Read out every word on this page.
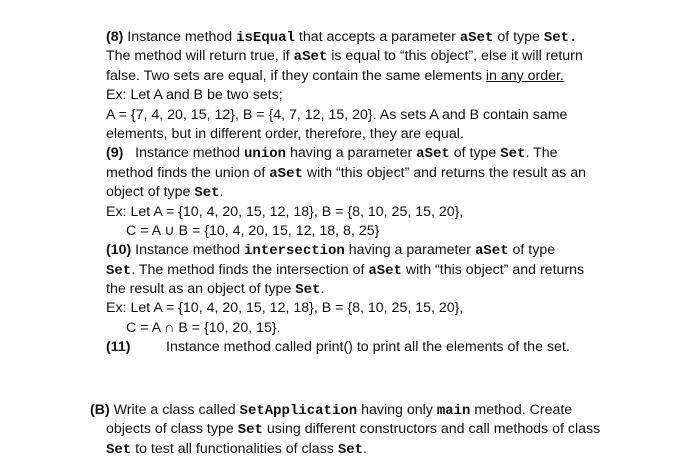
(8) Instance method isEqual that accepts a parameter aSet of type Set.
The method will return true, if aSet is equal to “this object”, else it will return
false. Two sets are equal, if they contain the same elements in any order.
Ex: Let A and B be two sets;
A = {7, 4, 20, 15, 12}, B = {4, 7, 12, 15, 20}. As sets A and B contain same
elements, but in different order, therefore, they are equal.
(9)   Instance method union having a parameter aSet of type Set. The
method finds the union of aSet with “this object” and returns the result as an
object of type Set.
Ex: Let A = {10, 4, 20, 15, 12, 18}, B = {8, 10, 25, 15, 20},
C = A ∪ B = {10, 4, 20, 15, 12, 18, 8, 25}
(10) Instance method intersection having a parameter aSet of type
Set. The method finds the intersection of aSet with “this object” and returns
the result as an object of type Set.
Ex: Let A = {10, 4, 20, 15, 12, 18}, B = {8, 10, 25, 15, 20},
C = A ∩ B = {10, 20, 15}.
(11)	Instance method called print() to print all the elements of the set.
(B) Write a class called SetApplication having only main method. Create
objects of class type Set using different constructors and call methods of class
Set to test all functionalities of class Set.
